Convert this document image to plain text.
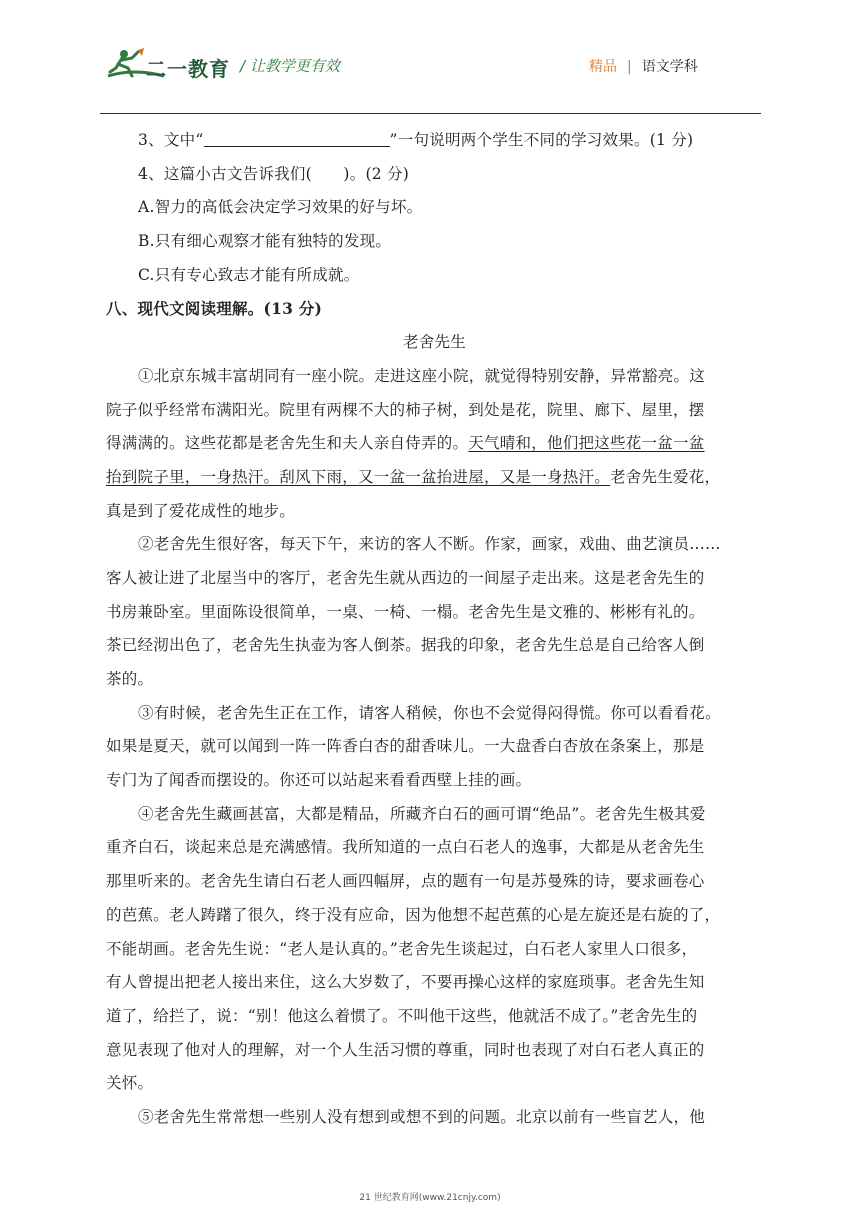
二一教育 / 让教学更有效	精品 | 语文学科
3、文中“	”一句说明两个学生不同的学习效果。(1 分)
4、这篇小古文告诉我们(　　)。(2 分)
A.智力的高低会决定学习效果的好与坏。
B.只有细心观察才能有独特的发现。
C.只有专心致志才能有所成就。
八、现代文阅读理解。(13 分)
老舍先生
①北京东城丰富胡同有一座小院。走进这座小院，就觉得特别安静，异常豁亮。这
院子似乎经常布满阳光。院里有两棵不大的柿子树，到处是花，院里、廊下、屋里，摆
得满满的。这些花都是老舍先生和夫人亲自侍弄的。天气晴和，他们把这些花一盆一盆
抬到院子里，一身热汗。刮风下雨，又一盆一盆抬进屋，又是一身热汗。老舍先生爱花，
真是到了爱花成性的地步。
②老舍先生很好客，每天下午，来访的客人不断。作家，画家，戏曲、曲艺演员……
客人被让进了北屋当中的客厅，老舍先生就从西边的一间屋子走出来。这是老舍先生的
书房兼卧室。里面陈设很简单，一桌、一椅、一榻。老舍先生是文雅的、彬彬有礼的。
茶已经沏出色了，老舍先生执壶为客人倒茶。据我的印象，老舍先生总是自己给客人倒
茶的。
③有时候，老舍先生正在工作，请客人稍候，你也不会觉得闷得慌。你可以看看花。
如果是夏天，就可以闻到一阵一阵香白杏的甜香味儿。一大盘香白杏放在条案上，那是
专门为了闻香而摆设的。你还可以站起来看看西壁上挂的画。
④老舍先生藏画甚富，大都是精品，所藏齐白石的画可谓“绝品”。老舍先生极其爱
重齐白石，谈起来总是充满感情。我所知道的一点白石老人的逸事，大都是从老舍先生
那里听来的。老舍先生请白石老人画四幅屏，点的题有一句是苏曼殊的诗，要求画卷心
的芭蕉。老人踌躇了很久，终于没有应命，因为他想不起芭蕉的心是左旋还是右旋的了，
不能胡画。老舍先生说：“老人是认真的。”老舍先生谈起过，白石老人家里人口很多，
有人曾提出把老人接出来住，这么大岁数了，不要再操心这样的家庭琐事。老舍先生知
道了，给拦了，说：“别！他这么着惯了。不叫他干这些，他就活不成了。”老舍先生的
意见表现了他对人的理解，对一个人生活习惯的尊重，同时也表现了对白石老人真正的
关怀。
⑤老舍先生常常想一些别人没有想到或想不到的问题。北京以前有一些盲艺人，他
21 世纪教育网(www.21cnjy.com)
